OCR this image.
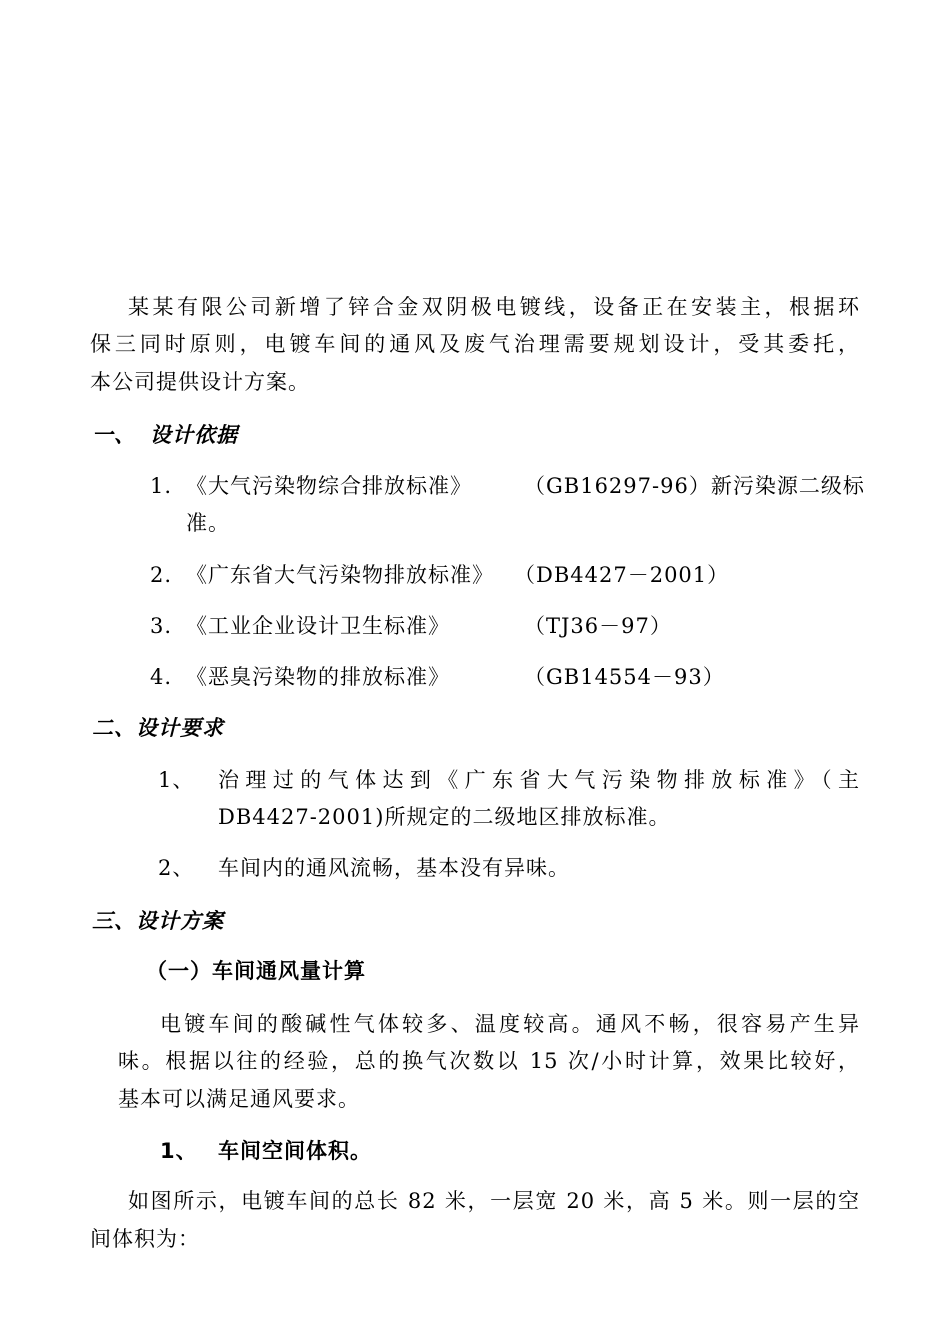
某某有限公司新增了锌合金双阴极电镀线，设备正在安装主，根据环
保三同时原则，电镀车间的通风及废气治理需要规划设计，受其委托，
本公司提供设计方案。
一、 设计依据
1. 《大气污染物综合排放标准》 （GB16297-96）新污染源二级标
准。
2. 《广东省大气污染物排放标准》 （DB4427－2001）
3. 《工业企业设计卫生标准》	（TJ36－97）
4. 《恶臭污染物的排放标准》	（GB14554－93）
二、设计要求
1、 治理过的气体达到《广东省大气污染物排放标准》（主
DB4427-2001)所规定的二级地区排放标准。
2、 车间内的通风流畅，基本没有异味。
三、设计方案
（一）车间通风量计算
电镀车间的酸碱性气体较多、温度较高。通风不畅，很容易产生异
味。根据以往的经验，总的换气次数以 15 次/小时计算，效果比较好，
基本可以满足通风要求。
1、 车间空间体积。
如图所示，电镀车间的总长 82 米，一层宽 20 米，高 5 米。则一层的空
间体积为：
